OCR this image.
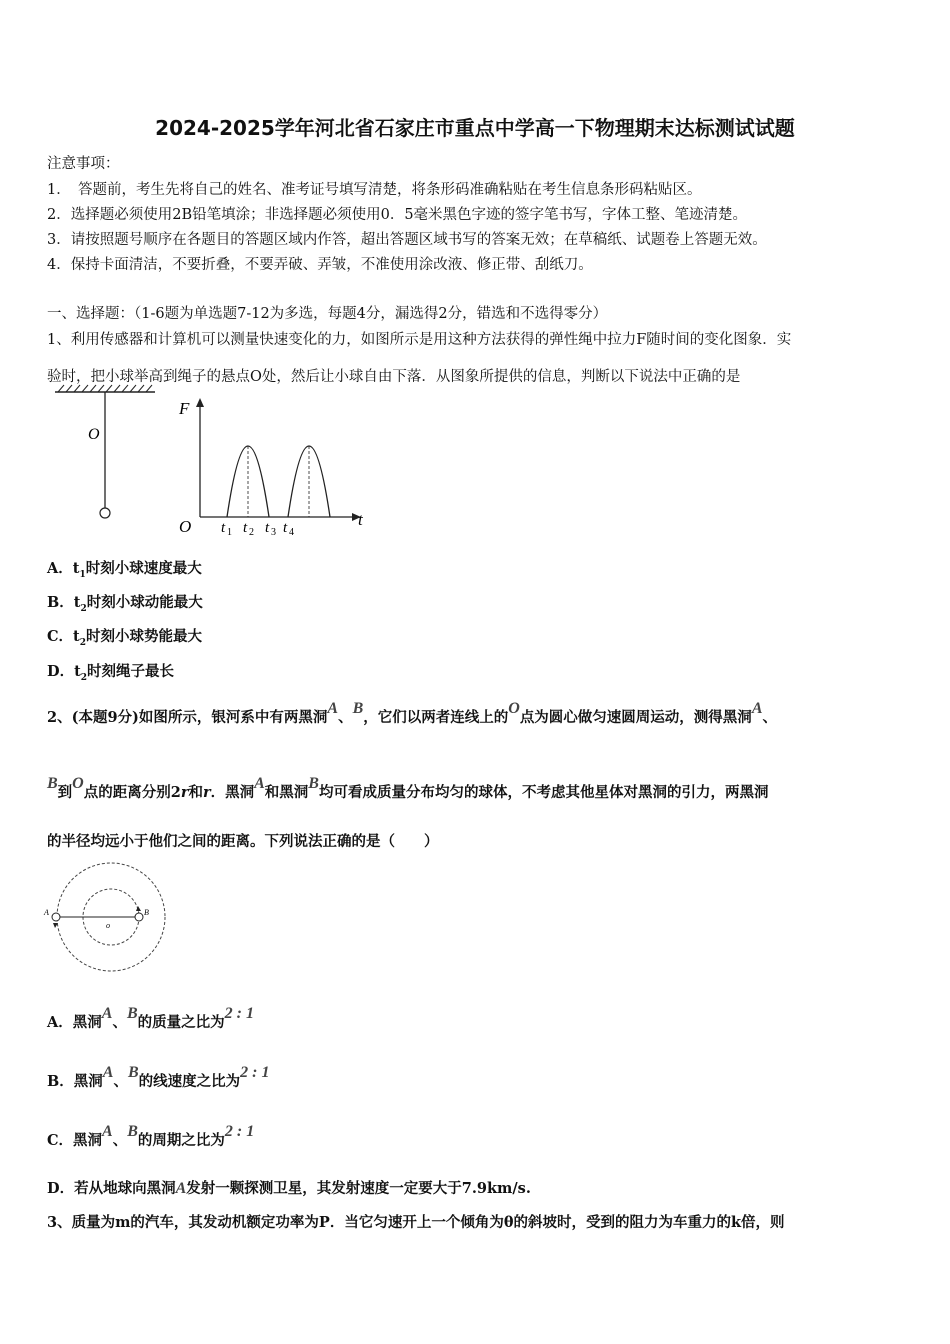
2024-2025学年河北省石家庄市重点中学高一下物理期末达标测试试题
注意事项：
1．　答题前，考生先将自己的姓名、准考证号填写清楚，将条形码准确粘贴在考生信息条形码粘贴区。
2．选择题必须使用2B铅笔填涂；非选择题必须使用0．5毫米黑色字迹的签字笔书写，字体工整、笔迹清楚。
3．请按照题号顺序在各题目的答题区域内作答，超出答题区域书写的答案无效；在草稿纸、试题卷上答题无效。
4．保持卡面清洁，不要折叠，不要弄破、弄皱，不准使用涂改液、修正带、刮纸刀。
一、选择题：（1-6题为单选题7-12为多选，每题4分，漏选得2分，错选和不选得零分）
1、利用传感器和计算机可以测量快速变化的力，如图所示是用这种方法获得的弹性绳中拉力F随时间的变化图象．实
验时，把小球举高到绳子的悬点O处，然后让小球自由下落．从图象所提供的信息，判断以下说法中正确的是
O
F
O	t
t 1 t 2 t 3 t 4
A．$t_1$时刻小球速度最大
B．$t_2$时刻小球动能最大
C．$t_2$时刻小球势能最大
D．$t_2$时刻绳子最长
2、(本题9分)如图所示，银河系中有两黑洞A、B，它们以两者连线上的O点为圆心做匀速圆周运动，测得黑洞A、
B到O点的距离分别2r和r．黑洞A和黑洞B均可看成质量分布均匀的球体，不考虑其他星体对黑洞的引力，两黑洞
的半径均远小于他们之间的距离。下列说法正确的是（　　）
A	B
o
A．黑洞A、B的质量之比为2 : 1
B．黑洞A、B的线速度之比为2 : 1
C．黑洞A、B的周期之比为2 : 1
D．若从地球向黑洞A发射一颗探测卫星，其发射速度一定要大于7.9km/s.
3、质量为m的汽车，其发动机额定功率为P．当它匀速开上一个倾角为θ的斜坡时，受到的阻力为车重力的k倍，则
